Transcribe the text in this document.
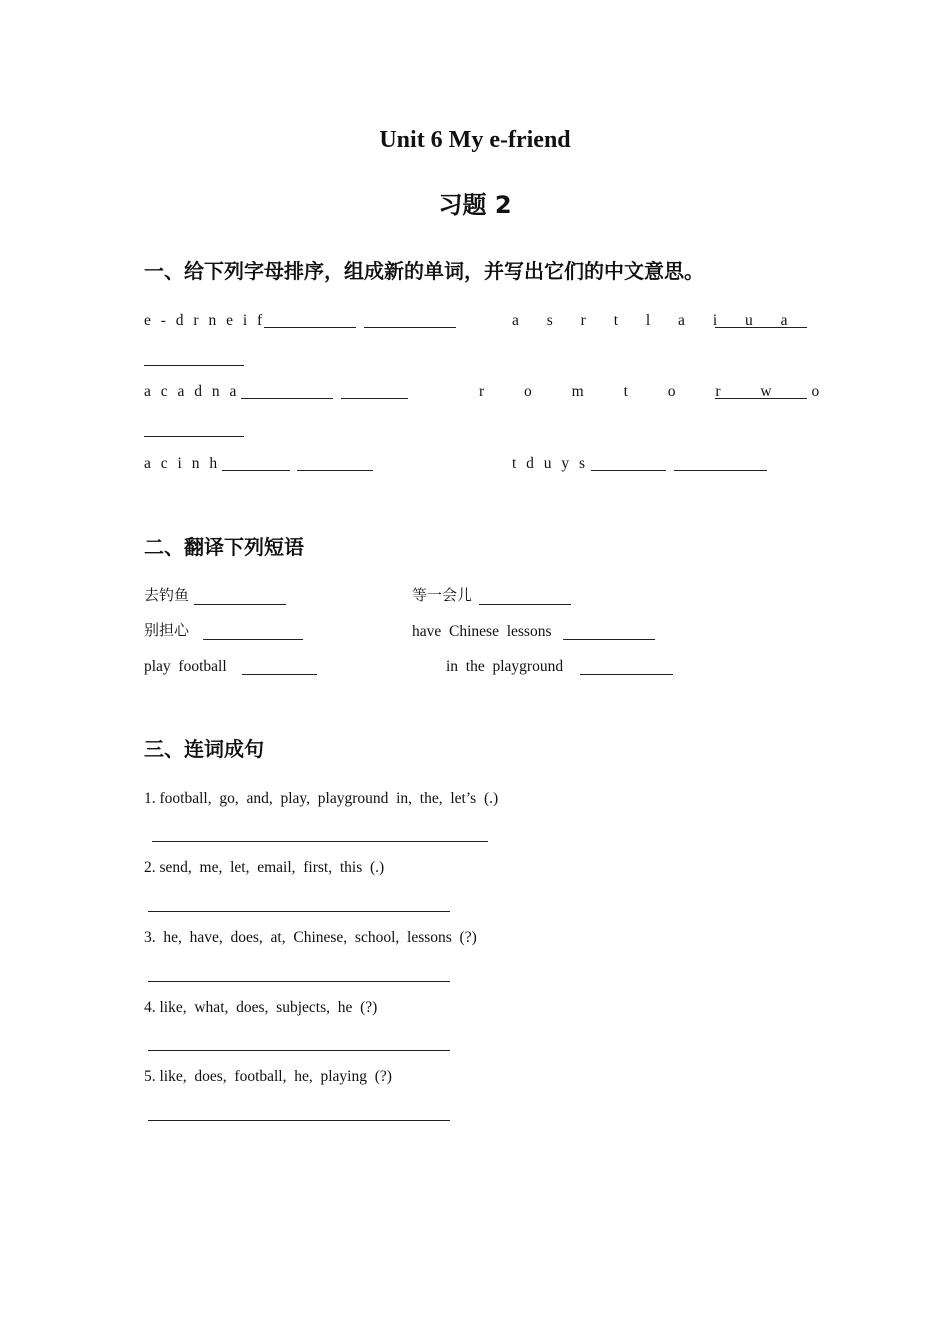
Unit 6 My e-friend
习题 2
一、给下列字母排序，组成新的单词，并写出它们的中文意思。
e - d r n e i f	a s r t l a i u a
a c a d n a	r o m t o r w o
a c i n h	t d u y s
二、翻译下列短语
去钓鱼	等一会儿
别担心	have  Chinese  lessons
play  football	in  the  playground
三、连词成句
1. football,  go,  and,  play,  playground  in,  the,  let’s  (.)
2. send,  me,  let,  email,  first,  this  (.)
3.  he,  have,  does,  at,  Chinese,  school,  lessons  (?)
4. like,  what,  does,  subjects,  he  (?)
5. like,  does,  football,  he,  playing  (?)
